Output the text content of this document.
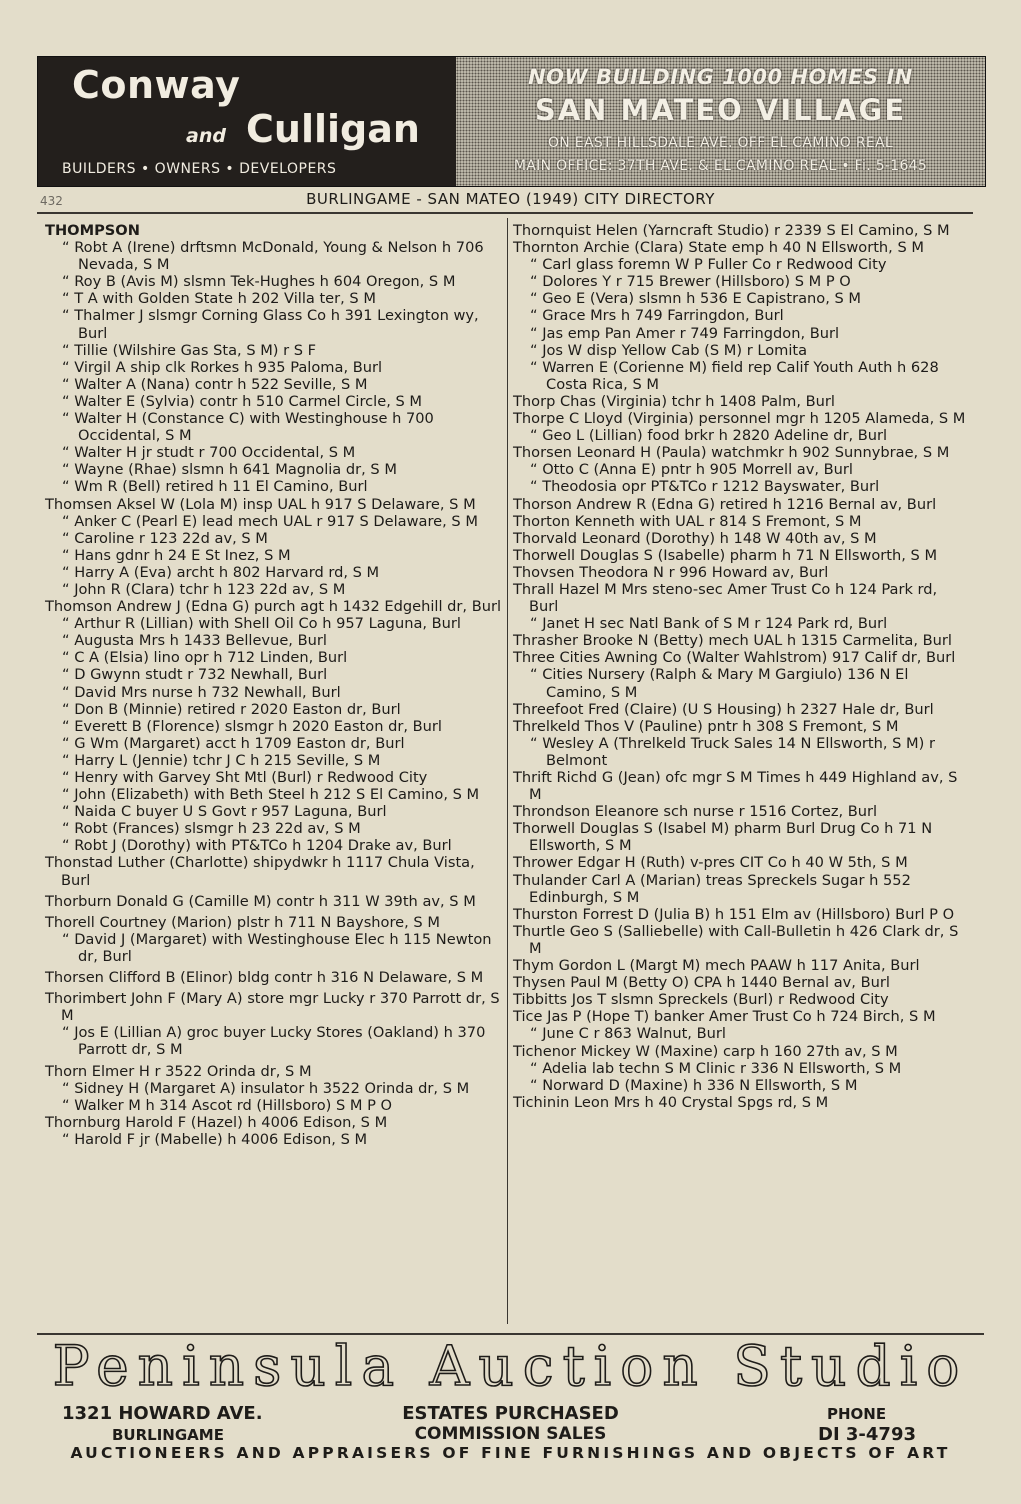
Conway
and Culligan
BUILDERS • OWNERS • DEVELOPERS
NOW BUILDING 1000 HOMES IN
SAN MATEO VILLAGE
ON EAST HILLSDALE AVE. OFF EL CAMINO REAL
MAIN OFFICE: 37TH AVE. & EL CAMINO REAL • Fi. 5-1645
432	BURLINGAME - SAN MATEO (1949) CITY DIRECTORY
THOMPSON
“ Robt A (Irene) drftsmn McDonald, Young & Nelson h 706 Nevada, S M
“ Roy B (Avis M) slsmn Tek-Hughes h 604 Oregon, S M
“ T A with Golden State h 202 Villa ter, S M
“ Thalmer J slsmgr Corning Glass Co h 391 Lexington wy, Burl
“ Tillie (Wilshire Gas Sta, S M) r S F
“ Virgil A ship clk Rorkes h 935 Paloma, Burl
“ Walter A (Nana) contr h 522 Seville, S M
“ Walter E (Sylvia) contr h 510 Carmel Circle, S M
“ Walter H (Constance C) with Westinghouse h 700 Occidental, S M
“ Walter H jr studt r 700 Occidental, S M
“ Wayne (Rhae) slsmn h 641 Magnolia dr, S M
“ Wm R (Bell) retired h 11 El Camino, Burl
Thomsen Aksel W (Lola M) insp UAL h 917 S Delaware, S M
“ Anker C (Pearl E) lead mech UAL r 917 S Delaware, S M
“ Caroline r 123 22d av, S M
“ Hans gdnr h 24 E St Inez, S M
“ Harry A (Eva) archt h 802 Harvard rd, S M
“ John R (Clara) tchr h 123 22d av, S M
Thomson Andrew J (Edna G) purch agt h 1432 Edgehill dr, Burl
“ Arthur R (Lillian) with Shell Oil Co h 957 Laguna, Burl
“ Augusta Mrs h 1433 Bellevue, Burl
“ C A (Elsia) lino opr h 712 Linden, Burl
“ D Gwynn studt r 732 Newhall, Burl
“ David Mrs nurse h 732 Newhall, Burl
“ Don B (Minnie) retired r 2020 Easton dr, Burl
“ Everett B (Florence) slsmgr h 2020 Easton dr, Burl
“ G Wm (Margaret) acct h 1709 Easton dr, Burl
“ Harry L (Jennie) tchr J C h 215 Seville, S M
“ Henry with Garvey Sht Mtl (Burl) r Redwood City
“ John (Elizabeth) with Beth Steel h 212 S El Camino, S M
“ Naida C buyer U S Govt r 957 Laguna, Burl
“ Robt (Frances) slsmgr h 23 22d av, S M
“ Robt J (Dorothy) with PT&TCo h 1204 Drake av, Burl
Thonstad Luther (Charlotte) shipydwkr h 1117 Chula Vista, Burl
Thorburn Donald G (Camille M) contr h 311 W 39th av, S M
Thorell Courtney (Marion) plstr h 711 N Bayshore, S M
“ David J (Margaret) with Westinghouse Elec h 115 Newton dr, Burl
Thorsen Clifford B (Elinor) bldg contr h 316 N Delaware, S M
Thorimbert John F (Mary A) store mgr Lucky r 370 Parrott dr, S M
“ Jos E (Lillian A) groc buyer Lucky Stores (Oakland) h 370 Parrott dr, S M
Thorn Elmer H r 3522 Orinda dr, S M
“ Sidney H (Margaret A) insulator h 3522 Orinda dr, S M
“ Walker M h 314 Ascot rd (Hillsboro) S M P O
Thornburg Harold F (Hazel) h 4006 Edison, S M
“ Harold F jr (Mabelle) h 4006 Edison, S M
Thornquist Helen (Yarncraft Studio) r 2339 S El Camino, S M
Thornton Archie (Clara) State emp h 40 N Ellsworth, S M
“ Carl glass foremn W P Fuller Co r Redwood City
“ Dolores Y r 715 Brewer (Hillsboro) S M P O
“ Geo E (Vera) slsmn h 536 E Capistrano, S M
“ Grace Mrs h 749 Farringdon, Burl
“ Jas emp Pan Amer r 749 Farringdon, Burl
“ Jos W disp Yellow Cab (S M) r Lomita
“ Warren E (Corienne M) field rep Calif Youth Auth h 628 Costa Rica, S M
Thorp Chas (Virginia) tchr h 1408 Palm, Burl
Thorpe C Lloyd (Virginia) personnel mgr h 1205 Alameda, S M
“ Geo L (Lillian) food brkr h 2820 Adeline dr, Burl
Thorsen Leonard H (Paula) watchmkr h 902 Sunnybrae, S M
“ Otto C (Anna E) pntr h 905 Morrell av, Burl
“ Theodosia opr PT&TCo r 1212 Bayswater, Burl
Thorson Andrew R (Edna G) retired h 1216 Bernal av, Burl
Thorton Kenneth with UAL r 814 S Fremont, S M
Thorvald Leonard (Dorothy) h 148 W 40th av, S M
Thorwell Douglas S (Isabelle) pharm h 71 N Ellsworth, S M
Thovsen Theodora N r 996 Howard av, Burl
Thrall Hazel M Mrs steno-sec Amer Trust Co h 124 Park rd, Burl
“ Janet H sec Natl Bank of S M r 124 Park rd, Burl
Thrasher Brooke N (Betty) mech UAL h 1315 Carmelita, Burl
Three Cities Awning Co (Walter Wahlstrom) 917 Calif dr, Burl
“ Cities Nursery (Ralph & Mary M Gargiulo) 136 N El Camino, S M
Threefoot Fred (Claire) (U S Housing) h 2327 Hale dr, Burl
Threlkeld Thos V (Pauline) pntr h 308 S Fremont, S M
“ Wesley A (Threlkeld Truck Sales 14 N Ellsworth, S M) r Belmont
Thrift Richd G (Jean) ofc mgr S M Times h 449 Highland av, S M
Throndson Eleanore sch nurse r 1516 Cortez, Burl
Thorwell Douglas S (Isabel M) pharm Burl Drug Co h 71 N Ellsworth, S M
Thrower Edgar H (Ruth) v-pres CIT Co h 40 W 5th, S M
Thulander Carl A (Marian) treas Spreckels Sugar h 552 Edinburgh, S M
Thurston Forrest D (Julia B) h 151 Elm av (Hillsboro) Burl P O
Thurtle Geo S (Salliebelle) with Call-Bulletin h 426 Clark dr, S M
Thym Gordon L (Margt M) mech PAAW h 117 Anita, Burl
Thysen Paul M (Betty O) CPA h 1440 Bernal av, Burl
Tibbitts Jos T slsmn Spreckels (Burl) r Redwood City
Tice Jas P (Hope T) banker Amer Trust Co h 724 Birch, S M
“ June C r 863 Walnut, Burl
Tichenor Mickey W (Maxine) carp h 160 27th av, S M
“ Adelia lab techn S M Clinic r 336 N Ellsworth, S M
“ Norward D (Maxine) h 336 N Ellsworth, S M
Tichinin Leon Mrs h 40 Crystal Spgs rd, S M
Peninsula Auction Studio
1321 HOWARD AVE.
BURLINGAME
ESTATES PURCHASED
COMMISSION SALES
PHONE
DI 3-4793
AUCTIONEERS AND APPRAISERS OF FINE FURNISHINGS AND OBJECTS OF ART
